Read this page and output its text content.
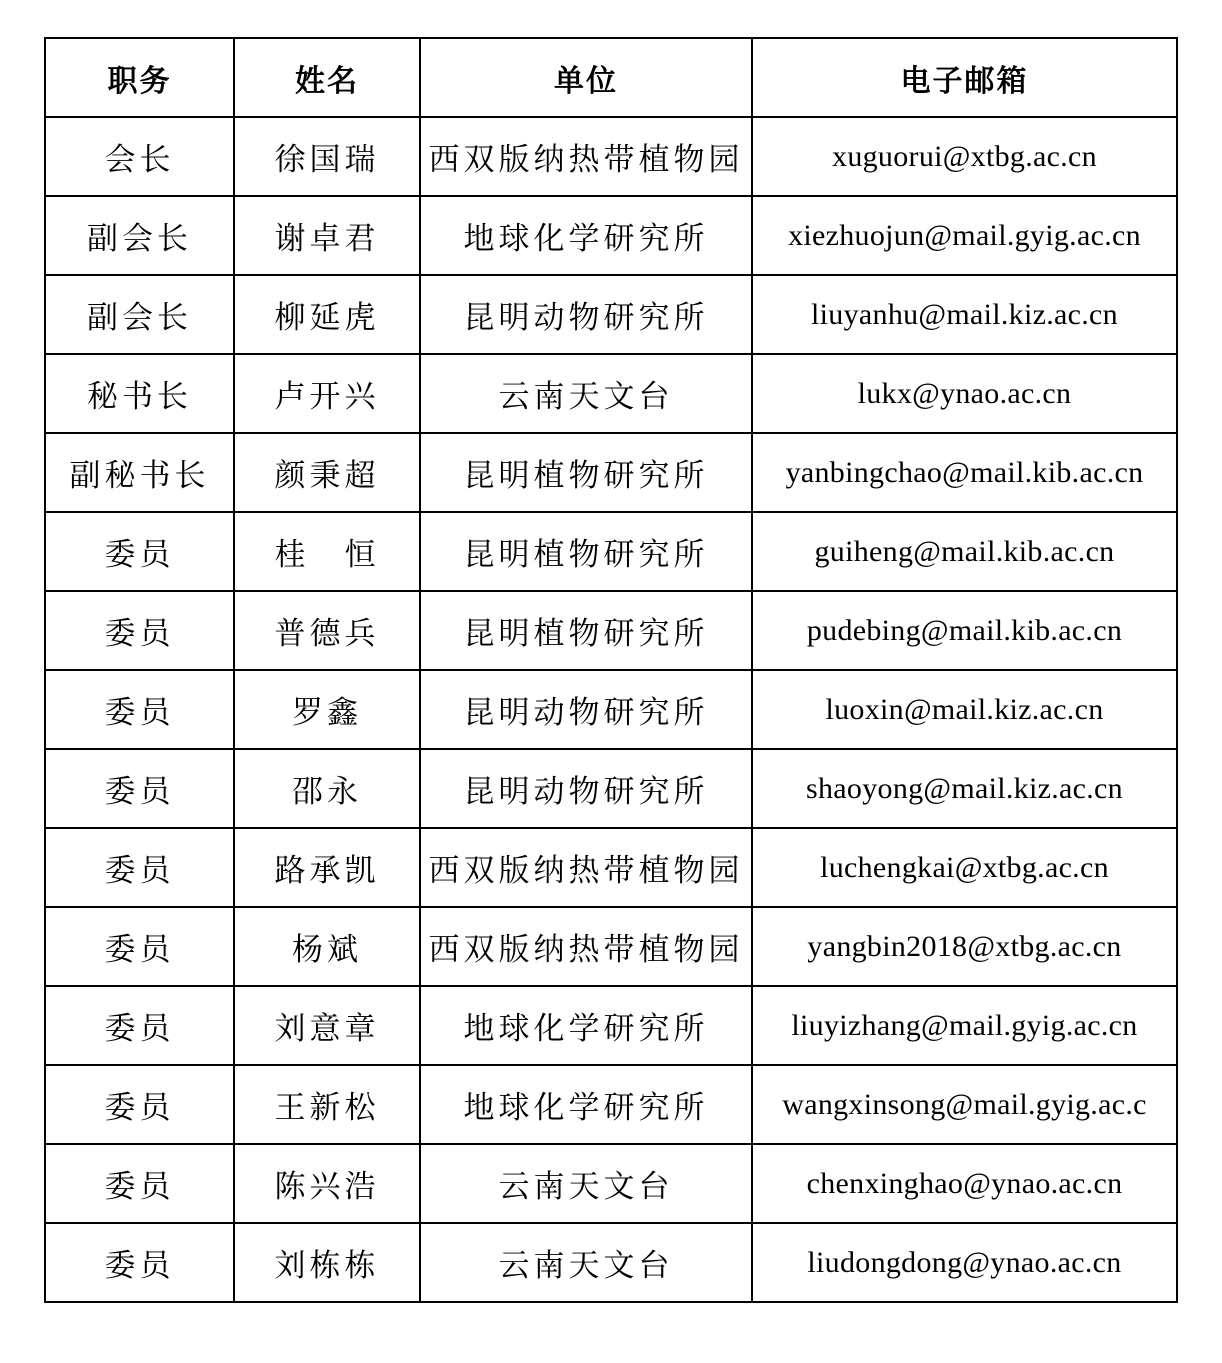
职务	姓名	单位	电子邮箱
会长	徐国瑞	西双版纳热带植物园	xuguorui@xtbg.ac.cn
副会长	谢卓君	地球化学研究所	xiezhuojun@mail.gyig.ac.cn
副会长	柳延虎	昆明动物研究所	liuyanhu@mail.kiz.ac.cn
秘书长	卢开兴	云南天文台	lukx@ynao.ac.cn
副秘书长	颜秉超	昆明植物研究所	yanbingchao@mail.kib.ac.cn
委员	桂　恒	昆明植物研究所	guiheng@mail.kib.ac.cn
委员	普德兵	昆明植物研究所	pudebing@mail.kib.ac.cn
委员	罗鑫	昆明动物研究所	luoxin@mail.kiz.ac.cn
委员	邵永	昆明动物研究所	shaoyong@mail.kiz.ac.cn
委员	路承凯	西双版纳热带植物园	luchengkai@xtbg.ac.cn
委员	杨斌	西双版纳热带植物园	yangbin2018@xtbg.ac.cn
委员	刘意章	地球化学研究所	liuyizhang@mail.gyig.ac.cn
委员	王新松	地球化学研究所	wangxinsong@mail.gyig.ac.c
委员	陈兴浩	云南天文台	chenxinghao@ynao.ac.cn
委员	刘栋栋	云南天文台	liudongdong@ynao.ac.cn
